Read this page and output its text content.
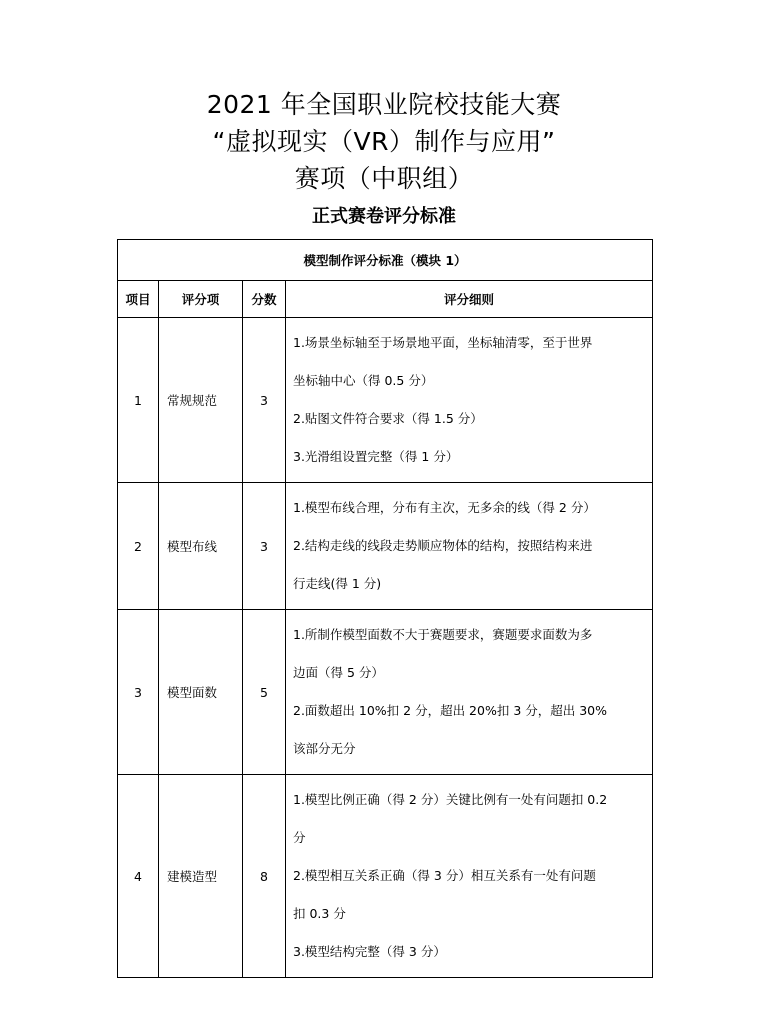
2021 年全国职业院校技能大赛
“虚拟现实（VR）制作与应用”
赛项（中职组）
正式赛卷评分标准
模型制作评分标准（模块 1）			
项目	评分项	分数	评分细则
1	常规规范	3	1.场景坐标轴至于场景地平面，坐标轴清零，至于世界
坐标轴中心（得 0.5 分）
2.贴图文件符合要求（得 1.5 分）
3.光滑组设置完整（得 1 分）

2	模型布线	3	1.模型布线合理，分布有主次，无多余的线（得 2 分）
2.结构走线的线段走势顺应物体的结构，按照结构来进
行走线(得 1 分)

3	模型面数	5	1.所制作模型面数不大于赛题要求，赛题要求面数为多
边面（得 5 分）
2.面数超出 10%扣 2 分，超出 20%扣 3 分，超出 30%
该部分无分

4	建模造型	8	1.模型比例正确（得 2 分）关键比例有一处有问题扣 0.2
分
2.模型相互关系正确（得 3 分）相互关系有一处有问题
扣 0.3 分
3.模型结构完整（得 3 分）
